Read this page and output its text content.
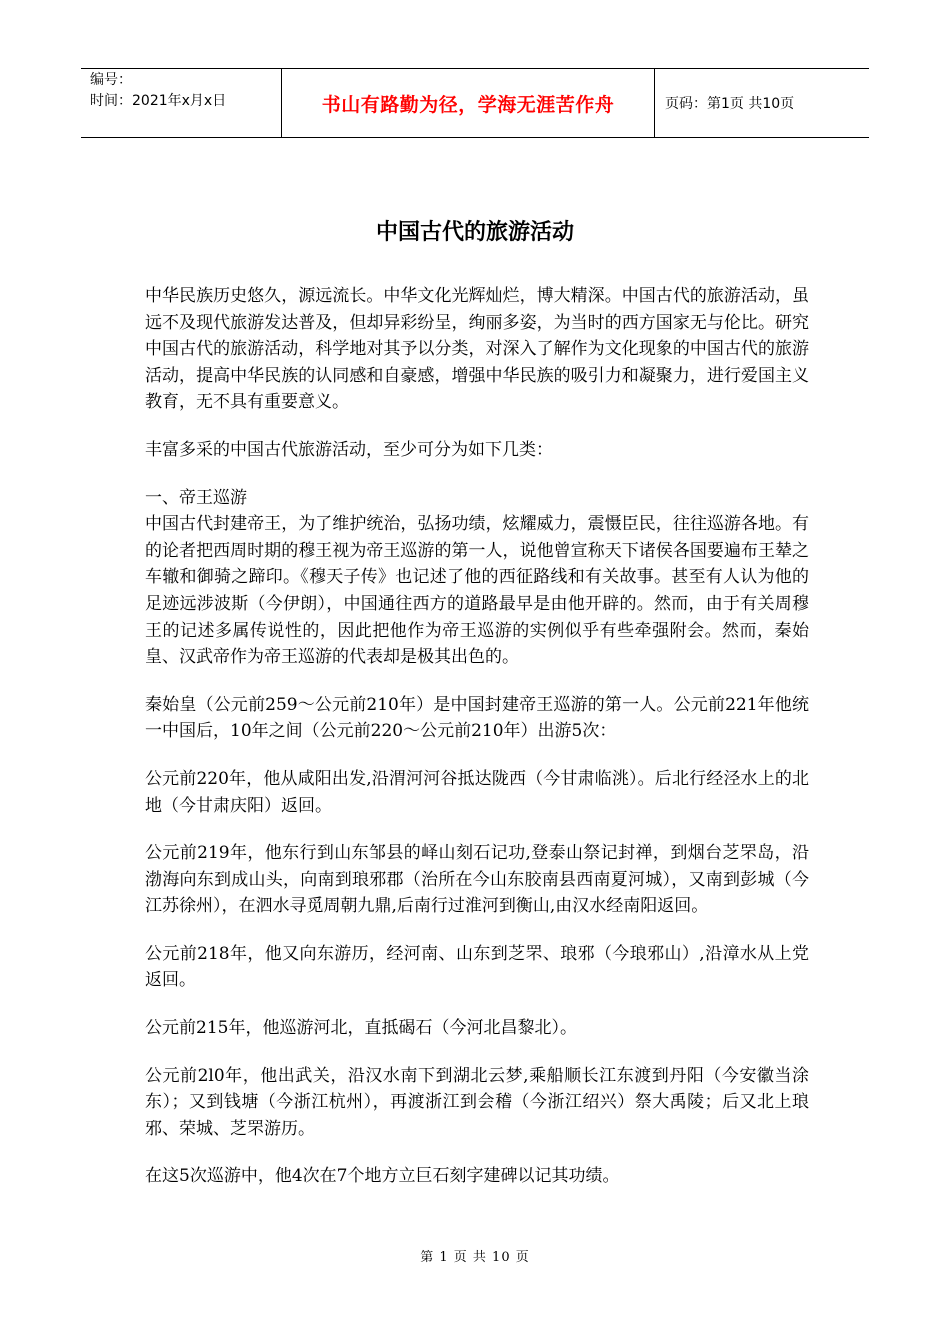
编号：
时间：2021年x月x日	书山有路勤为径，学海无涯苦作舟	页码：第1页 共10页
中国古代的旅游活动

中华民族历史悠久，源远流长。中华文化光辉灿烂，博大精深。中国古代的旅游活动，虽远不及现代旅游发达普及，但却异彩纷呈，绚丽多姿，为当时的西方国家无与伦比。研究中国古代的旅游活动，科学地对其予以分类，对深入了解作为文化现象的中国古代的旅游活动，提高中华民族的认同感和自豪感，增强中华民族的吸引力和凝聚力，进行爱国主义教育，无不具有重要意义。

丰富多采的中国古代旅游活动，至少可分为如下几类：

一、帝王巡游

中国古代封建帝王，为了维护统治，弘扬功绩，炫耀威力，震慑臣民，往往巡游各地。有的论者把西周时期的穆王视为帝王巡游的第一人，说他曾宣称天下诸侯各国要遍布王辇之车辙和御骑之蹄印。《穆天子传》也记述了他的西征路线和有关故事。甚至有人认为他的足迹远涉波斯（今伊朗），中国通往西方的道路最早是由他开辟的。然而，由于有关周穆王的记述多属传说性的，因此把他作为帝王巡游的实例似乎有些牵强附会。然而，秦始皇、汉武帝作为帝王巡游的代表却是极其出色的。

秦始皇（公元前259～公元前210年）是中国封建帝王巡游的第一人。公元前221年他统一中国后，10年之间（公元前220～公元前210年）出游5次：

公元前220年，他从咸阳出发,沿渭河河谷抵达陇西（今甘肃临洮）。后北行经泾水上的北地（今甘肃庆阳）返回。

公元前219年，他东行到山东邹县的峄山刻石记功,登泰山祭记封禅，到烟台芝罘岛，沿渤海向东到成山头，向南到琅邪郡（治所在今山东胶南县西南夏河城），又南到彭城（今江苏徐州），在泗水寻觅周朝九鼎,后南行过淮河到衡山,由汉水经南阳返回。

公元前218年，他又向东游历，经河南、山东到芝罘、琅邪（今琅邪山）,沿漳水从上党返回。

公元前215年，他巡游河北，直抵碣石（今河北昌黎北）。

公元前2l0年，他出武关，沿汉水南下到湖北云梦,乘船顺长江东渡到丹阳（今安徽当涂东）；又到钱塘（今浙江杭州），再渡浙江到会稽（今浙江绍兴）祭大禹陵；后又北上琅邪、荣城、芝罘游历。

在这5次巡游中，他4次在7个地方立巨石刻字建碑以记其功绩。

第 1 页 共 10 页
